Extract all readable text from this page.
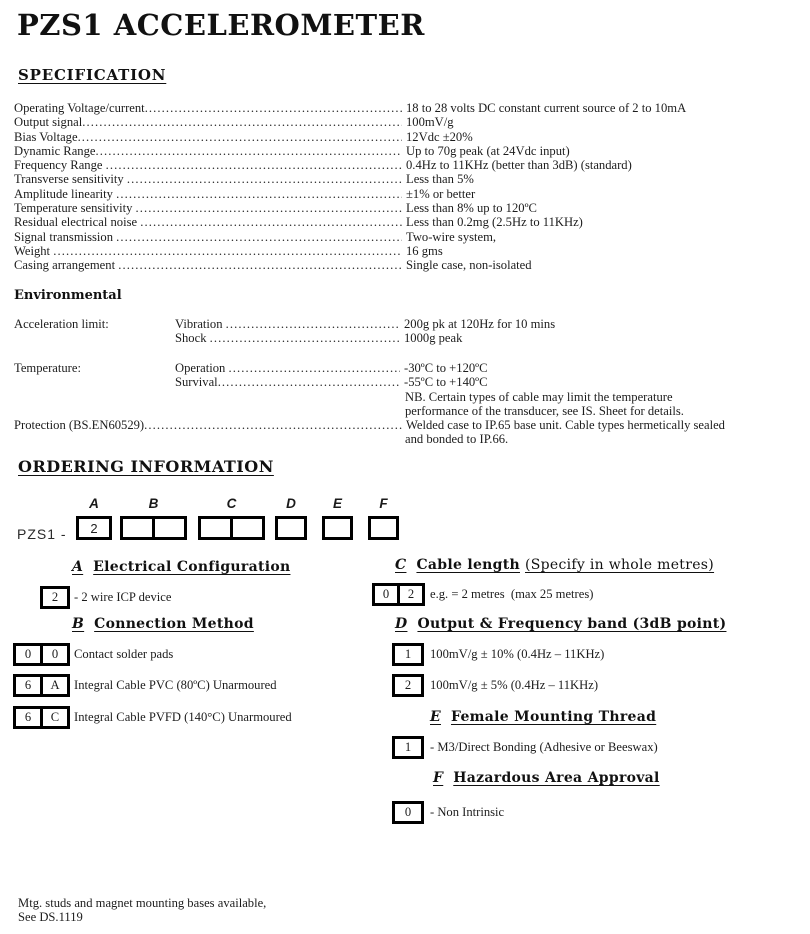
PZS1 ACCELEROMETER
SPECIFICATION
Operating Voltage/current .....	18 to 28 volts DC constant current source of 2 to 10mA
Output signal .....	100mV/g
Bias Voltage .....	12Vdc ±20%
Dynamic Range .....	Up to 70g peak (at 24Vdc input)
Frequency Range .....	0.4Hz to 11KHz (better than 3dB) (standard)
Transverse sensitivity .....	Less than 5%
Amplitude linearity .....	±1% or better
Temperature sensitivity .....	Less than 8% up to 120ºC
Residual electrical noise .....	Less than 0.2mg (2.5Hz to 11KHz)
Signal transmission .....	Two-wire system,
Weight .....	16 gms
Casing arrangement .....	Single case, non-isolated
Environmental
Acceleration limit:	Vibration .....	200g pk at 120Hz for 10 mins
Shock .....	1000g peak
Temperature:	Operation .....	-30ºC to +120ºC
Survival .....	-55ºC to +140ºC
NB. Certain types of cable may limit the temperature
performance of the transducer, see IS. Sheet for details.
Protection (BS.EN60529) .....	Welded case to IP.65 base unit. Cable types hermetically sealed
and bonded to IP.66.
ORDERING INFORMATION
PZS1 -
A
2
B	C	D	E	F
A Electrical Configuration
2	- 2 wire ICP device
B Connection Method
0	0	Contact solder pads
6	A	Integral Cable PVC (80ºC) Unarmoured
6	C	Integral Cable PVFD (140°C) Unarmoured
C Cable length (Specify in whole metres)
0	2	e.g. = 2 metres  (max 25 metres)
D Output & Frequency band (3dB point)
1	100mV/g ± 10% (0.4Hz – 11KHz)
2	100mV/g ± 5% (0.4Hz – 11KHz)
E Female Mounting Thread
1	- M3/Direct Bonding (Adhesive or Beeswax)
F Hazardous Area Approval
0	- Non Intrinsic
Mtg. studs and magnet mounting bases available,
See DS.1119
